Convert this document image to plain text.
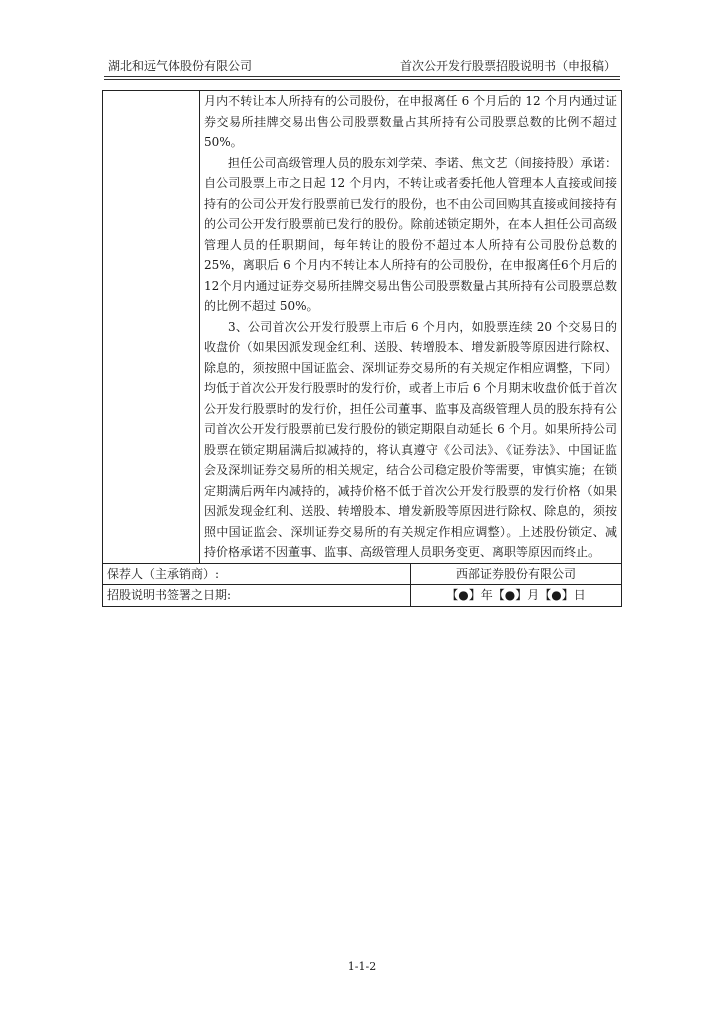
湖北和远气体股份有限公司	首次公开发行股票招股说明书（申报稿）

	月内不转让本人所持有的公司股份，在申报离任 6 个月后的 12 个月内通过证券交易所挂牌交易出售公司股票数量占其所持有公司股票总数的比例不超过 50%。

担任公司高级管理人员的股东刘学荣、李诺、焦文艺（间接持股）承诺：自公司股票上市之日起 12 个月内，不转让或者委托他人管理本人直接或间接持有的公司公开发行股票前已发行的股份，也不由公司回购其直接或间接持有的公司公开发行股票前已发行的股份。除前述锁定期外，在本人担任公司高级管理人员的任职期间，每年转让的股份不超过本人所持有公司股份总数的 25%，离职后 6 个月内不转让本人所持有的公司股份，在申报离任6个月后的12个月内通过证券交易所挂牌交易出售公司股票数量占其所持有公司股票总数的比例不超过 50%。

3、公司首次公开发行股票上市后 6 个月内，如股票连续 20 个交易日的收盘价（如果因派发现金红利、送股、转增股本、增发新股等原因进行除权、除息的，须按照中国证监会、深圳证券交易所的有关规定作相应调整，下同）均低于首次公开发行股票时的发行价，或者上市后 6 个月期末收盘价低于首次公开发行股票时的发行价，担任公司董事、监事及高级管理人员的股东持有公司首次公开发行股票前已发行股份的锁定期限自动延长 6 个月。如果所持公司股票在锁定期届满后拟减持的，将认真遵守《公司法》、《证券法》、中国证监会及深圳证券交易所的相关规定，结合公司稳定股价等需要，审慎实施；在锁定期满后两年内减持的，减持价格不低于首次公开发行股票的发行价格（如果因派发现金红利、送股、转增股本、增发新股等原因进行除权、除息的，须按照中国证监会、深圳证券交易所的有关规定作相应调整）。上述股份锁定、减持价格承诺不因董事、监事、高级管理人员职务变更、离职等原因而终止。	

保荐人（主承销商）:		西部证券股份有限公司
招股说明书签署之日期:		【●】年【●】月【●】日
1-1-2
